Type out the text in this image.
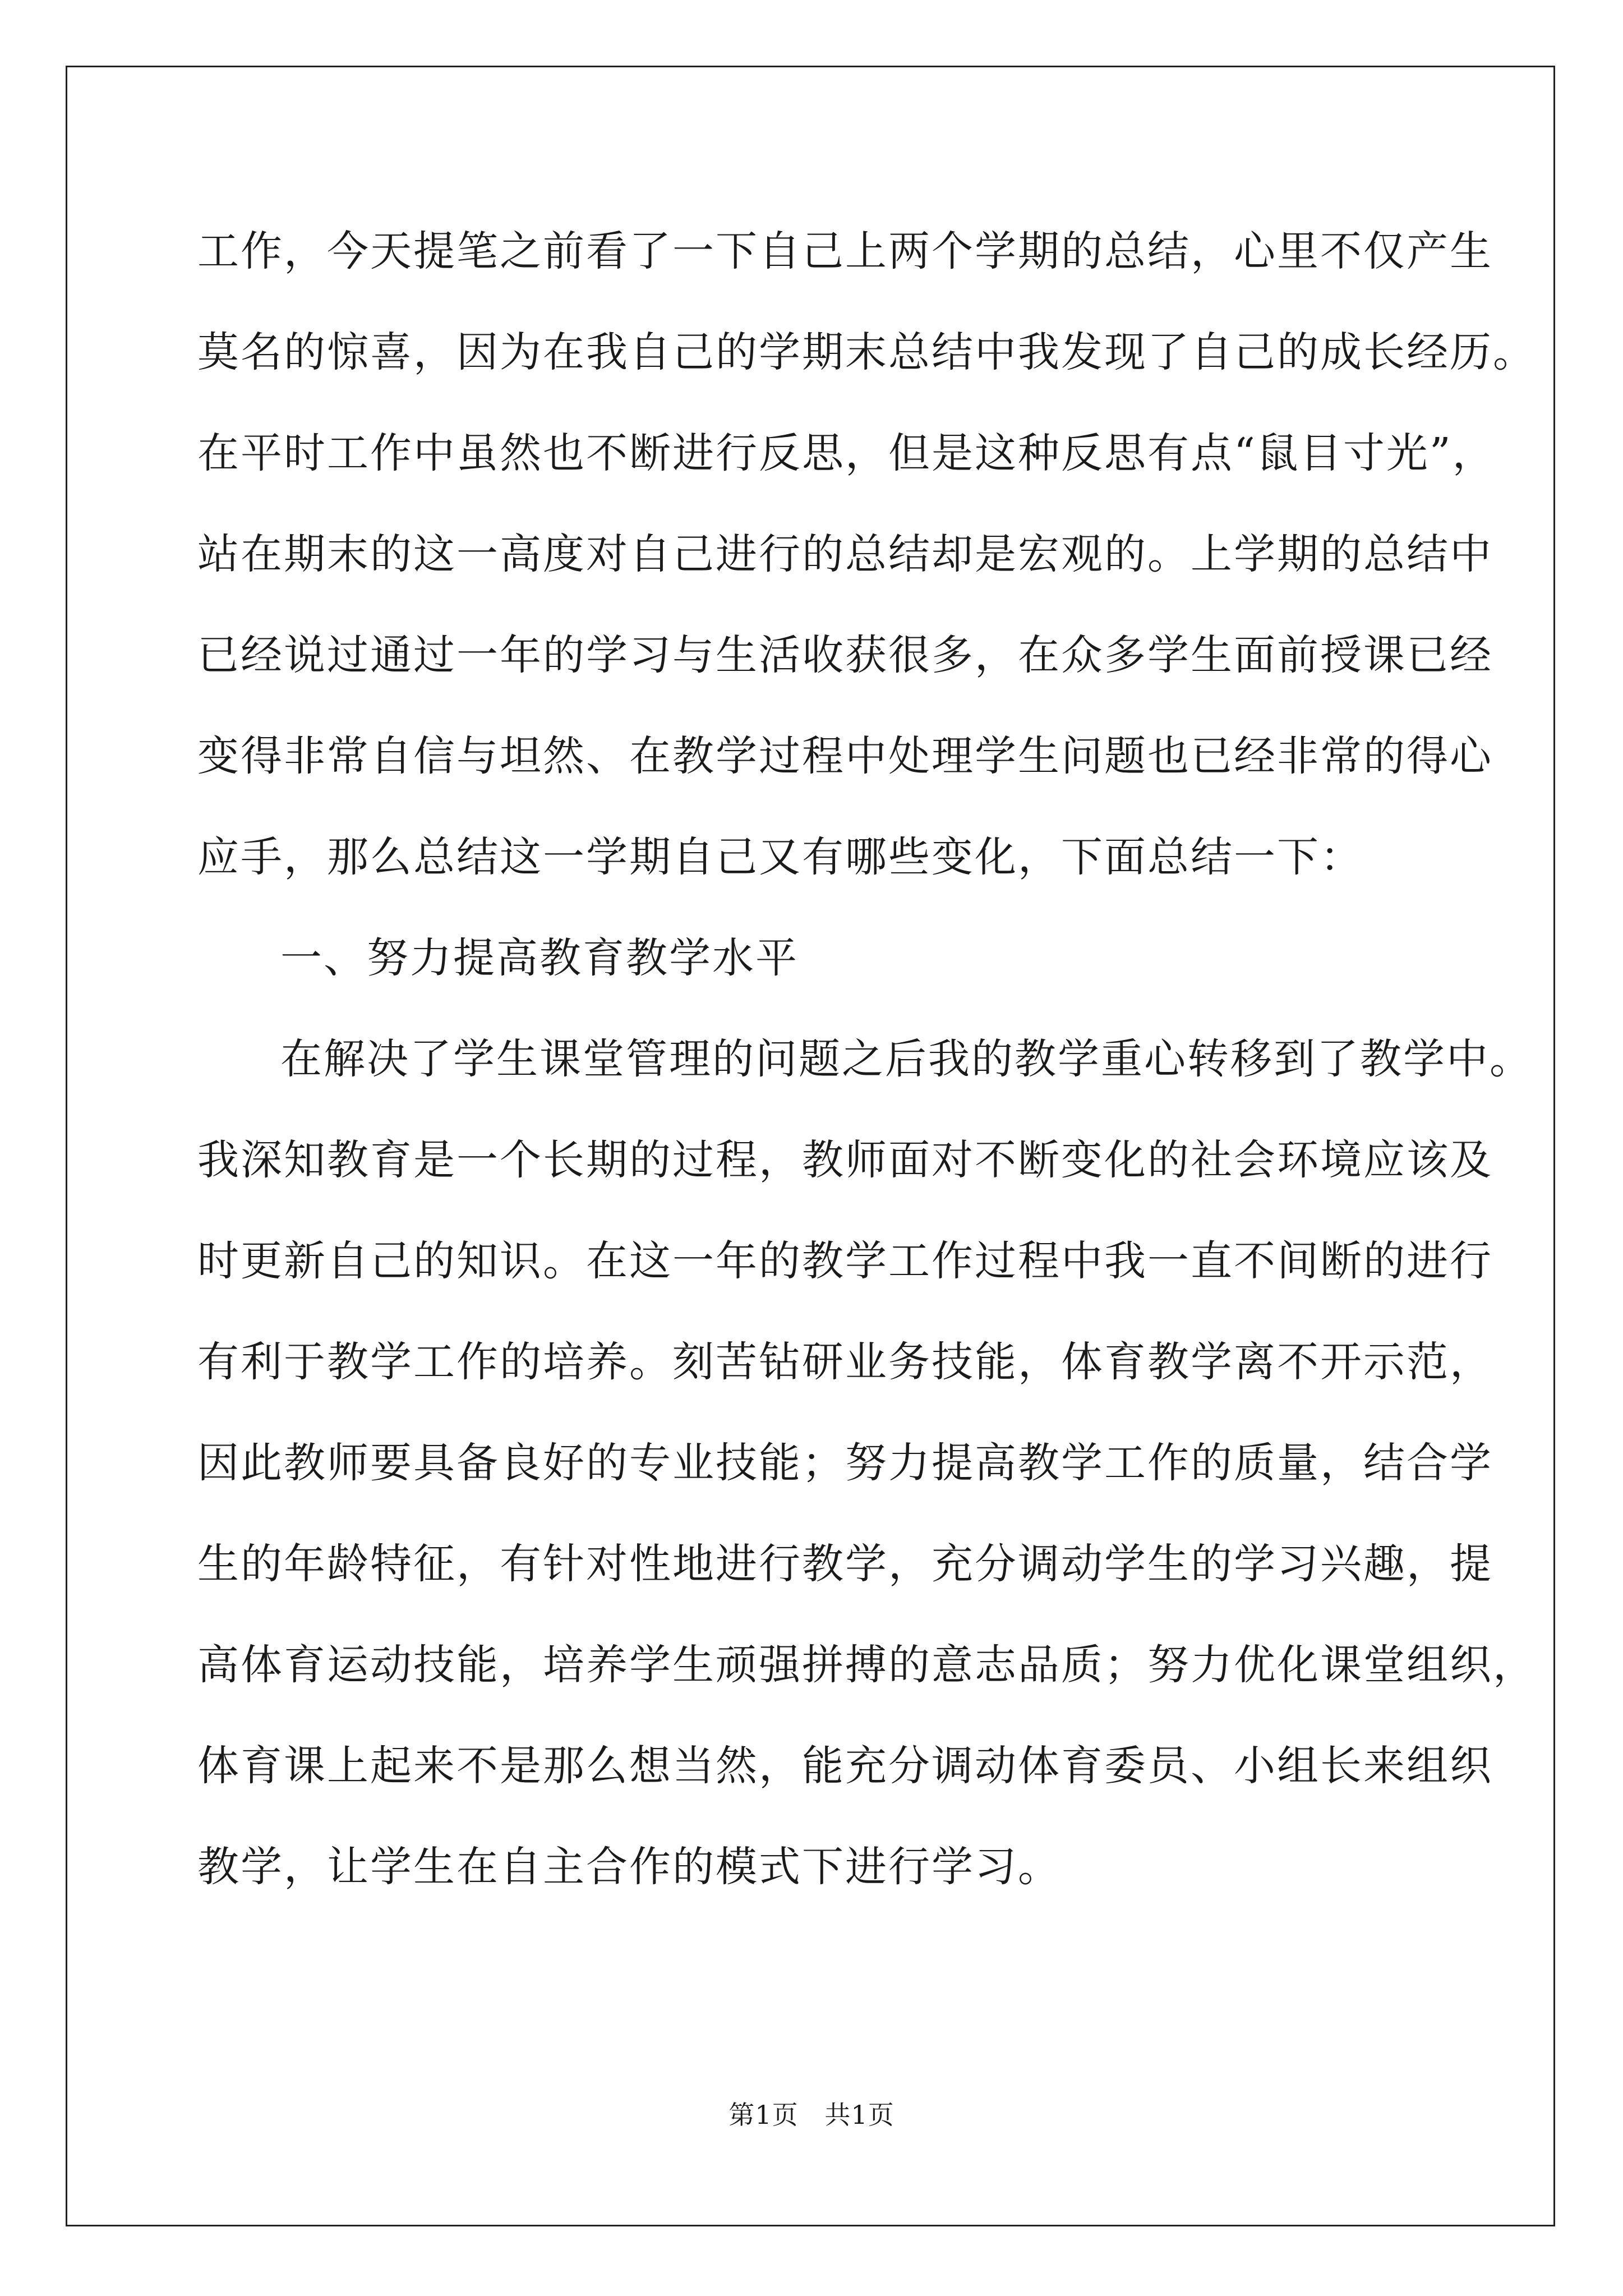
工作，今天提笔之前看了一下自己上两个学期的总结，心里不仅产生
莫名的惊喜，因为在我自己的学期末总结中我发现了自己的成长经历。
在平时工作中虽然也不断进行反思，但是这种反思有点“鼠目寸光”，
站在期末的这一高度对自己进行的总结却是宏观的。上学期的总结中
已经说过通过一年的学习与生活收获很多，在众多学生面前授课已经
变得非常自信与坦然、在教学过程中处理学生问题也已经非常的得心
应手，那么总结这一学期自己又有哪些变化，下面总结一下：
一、努力提高教育教学水平
在解决了学生课堂管理的问题之后我的教学重心转移到了教学中。
我深知教育是一个长期的过程，教师面对不断变化的社会环境应该及
时更新自己的知识。在这一年的教学工作过程中我一直不间断的进行
有利于教学工作的培养。刻苦钻研业务技能，体育教学离不开示范，
因此教师要具备良好的专业技能；努力提高教学工作的质量，结合学
生的年龄特征，有针对性地进行教学，充分调动学生的学习兴趣，提
高体育运动技能，培养学生顽强拼搏的意志品质；努力优化课堂组织，
体育课上起来不是那么想当然，能充分调动体育委员、小组长来组织
教学，让学生在自主合作的模式下进行学习。
第1页   共1页
